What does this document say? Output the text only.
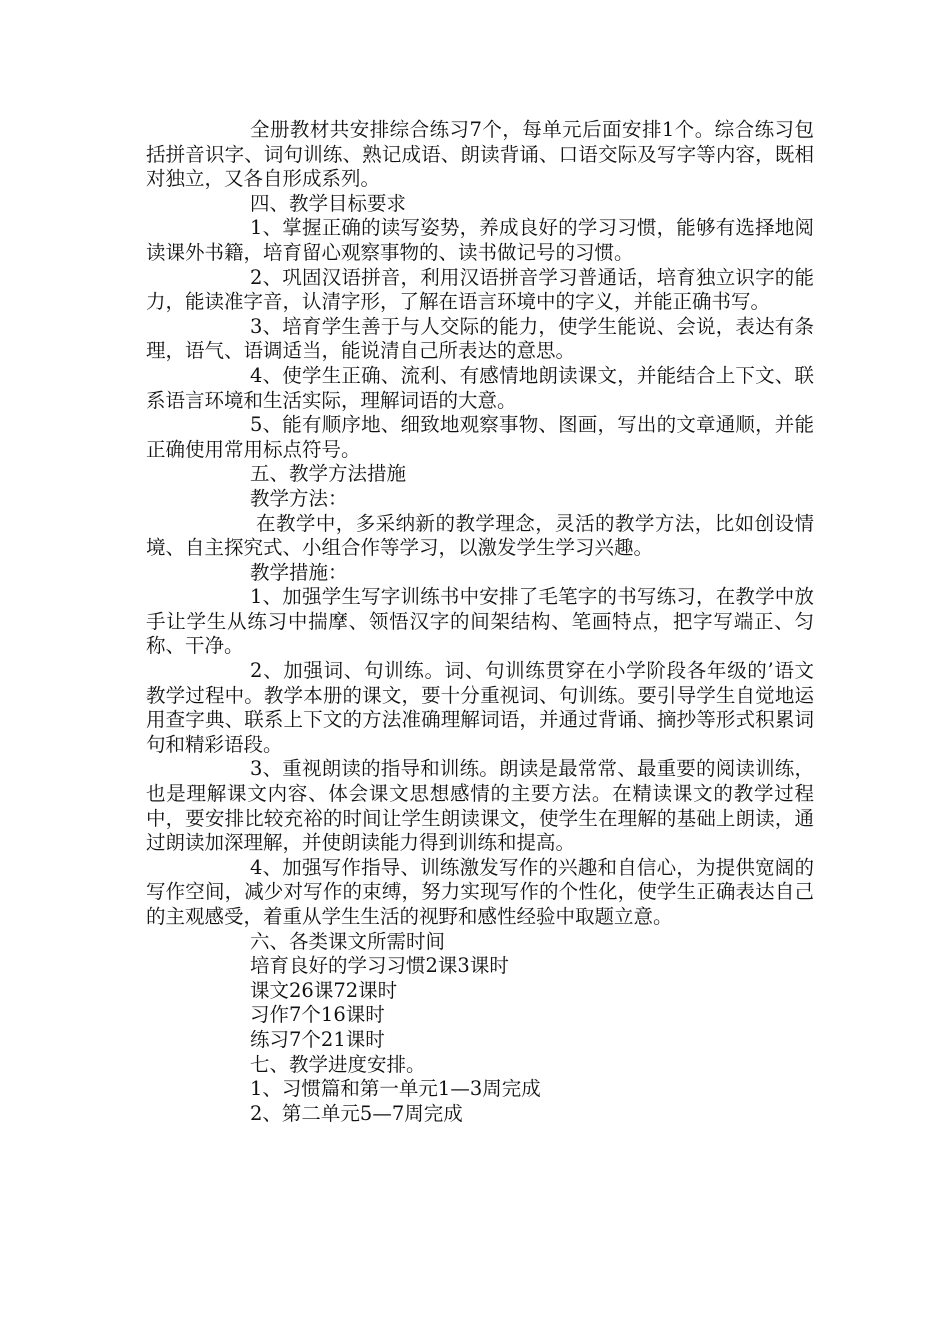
全册教材共安排综合练习7个，每单元后面安排1个。综合练习包括拼音识字、词句训练、熟记成语、朗读背诵、口语交际及写字等内容，既相对独立，又各自形成系列。

四、教学目标要求

1、掌握正确的读写姿势，养成良好的学习习惯，能够有选择地阅读课外书籍，培育留心观察事物的、读书做记号的习惯。

2、巩固汉语拼音，利用汉语拼音学习普通话，培育独立识字的能力，能读准字音，认清字形，了解在语言环境中的字义，并能正确书写。

3、培育学生善于与人交际的能力，使学生能说、会说，表达有条理，语气、语调适当，能说清自己所表达的意思。

4、使学生正确、流利、有感情地朗读课文，并能结合上下文、联系语言环境和生活实际，理解词语的大意。

5、能有顺序地、细致地观察事物、图画，写出的文章通顺，并能正确使用常用标点符号。

五、教学方法措施

教学方法：

在教学中，多采纳新的教学理念，灵活的教学方法，比如创设情境、自主探究式、小组合作等学习，以激发学生学习兴趣。

教学措施：

1、加强学生写字训练书中安排了毛笔字的书写练习，在教学中放手让学生从练习中揣摩、领悟汉字的间架结构、笔画特点，把字写端正、匀称、干净。

2、加强词、句训练。词、句训练贯穿在小学阶段各年级的’语文教学过程中。教学本册的课文，要十分重视词、句训练。要引导学生自觉地运用查字典、联系上下文的方法准确理解词语，并通过背诵、摘抄等形式积累词句和精彩语段。

3、重视朗读的指导和训练。朗读是最常常、最重要的阅读训练，也是理解课文内容、体会课文思想感情的主要方法。在精读课文的教学过程中，要安排比较充裕的时间让学生朗读课文，使学生在理解的基础上朗读，通过朗读加深理解，并使朗读能力得到训练和提高。

4、加强写作指导、训练激发写作的兴趣和自信心，为提供宽阔的写作空间，减少对写作的束缚，努力实现写作的个性化，使学生正确表达自己的主观感受，着重从学生生活的视野和感性经验中取题立意。

六、各类课文所需时间

培育良好的学习习惯2课3课时

课文26课72课时

习作7个16课时

练习7个21课时

七、教学进度安排。

1、习惯篇和第一单元1—3周完成

2、第二单元5—7周完成
